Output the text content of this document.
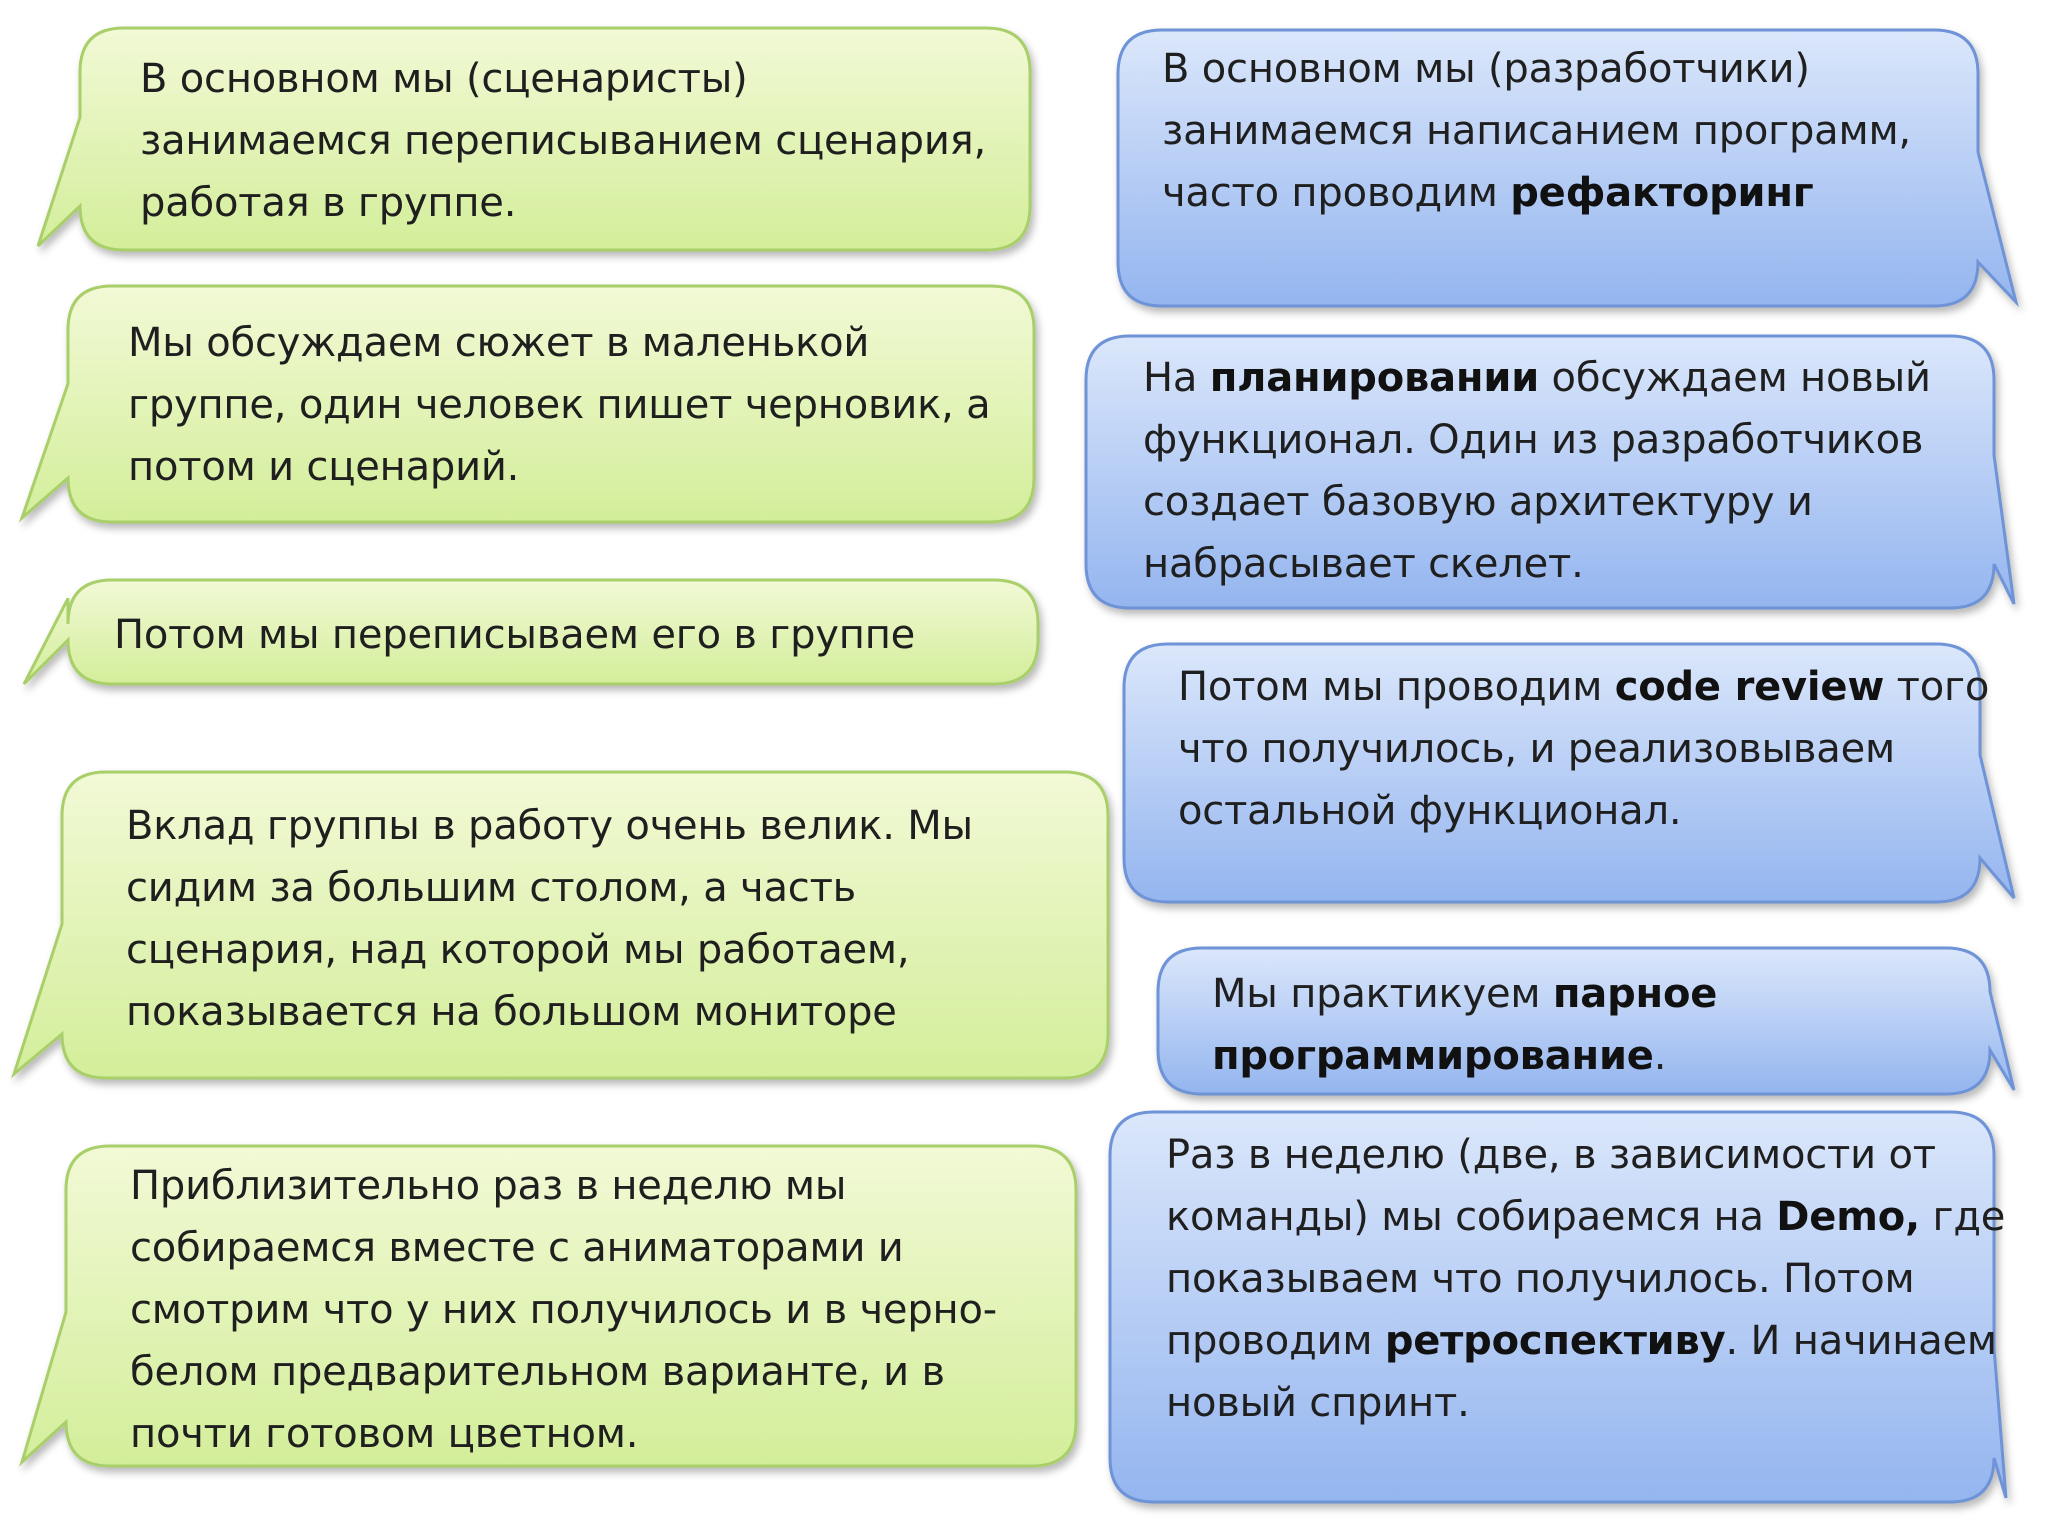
В основном мы (сценаристы) занимаемся переписыванием сценария, работая в группе.
Мы обсуждаем сюжет в маленькой группе, один человек пишет черновик, а потом и сценарий.
Потом мы переписываем его в группе
Вклад группы в работу очень велик. Мы сидим за большим столом, а часть сценария, над которой мы работаем, показывается на большом мониторе
Приблизительно раз в неделю мы собираемся вместе с аниматорами и смотрим что у них получилось и в черно-белом предварительном варианте, и в почти готовом цветном.
В основном мы (разработчики) занимаемся написанием программ, часто проводим рефакторинг
На планировании обсуждаем новый функционал. Один из разработчиков создает базовую архитектуру и набрасывает скелет.
Потом мы проводим code review того что получилось, и реализовываем остальной функционал.
Мы практикуем парное программирование.
Раз в неделю (две, в зависимости от команды) мы собираемся на Demo, где показываем что получилось. Потом проводим ретроспективу. И начинаем новый спринт.
